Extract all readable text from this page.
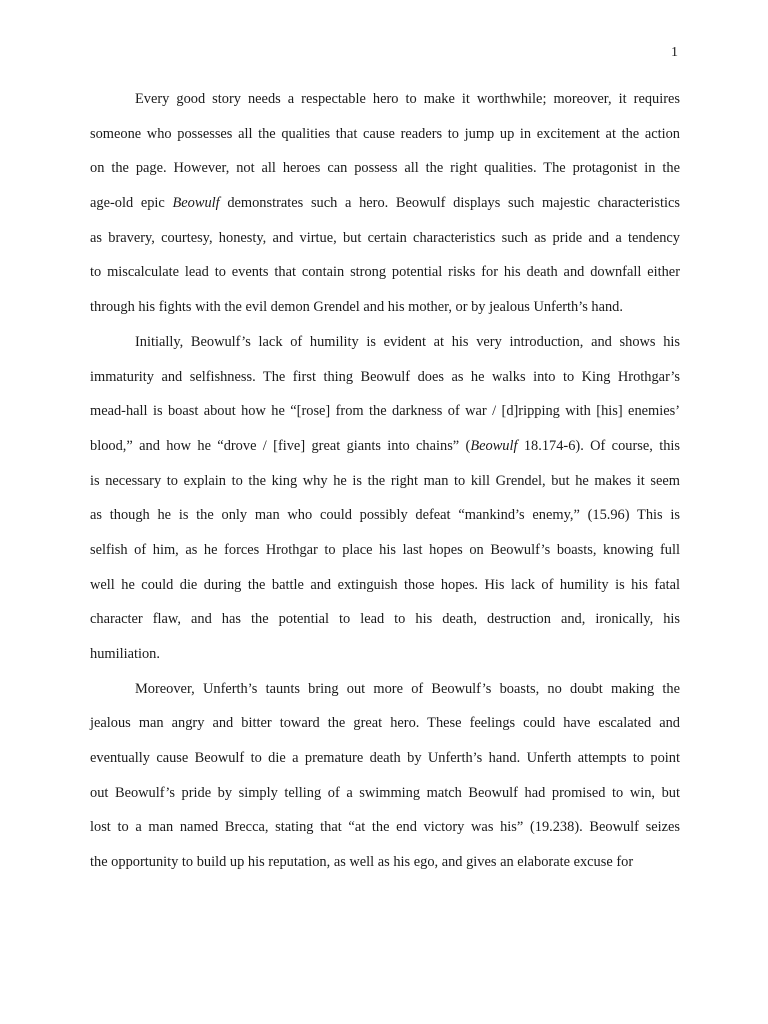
1
Every good story needs a respectable hero to make it worthwhile; moreover, it requires
someone who possesses all the qualities that cause readers to jump up in excitement at the action
on the page. However, not all heroes can possess all the right qualities. The protagonist in the
age-old epic Beowulf demonstrates such a hero. Beowulf displays such majestic characteristics
as bravery, courtesy, honesty, and virtue, but certain characteristics such as pride and a tendency
to miscalculate lead to events that contain strong potential risks for his death and downfall either
through his fights with the evil demon Grendel and his mother, or by jealous Unferth’s hand.
Initially, Beowulf’s lack of humility is evident at his very introduction, and shows his
immaturity and selfishness. The first thing Beowulf does as he walks into to King Hrothgar’s
mead-hall is boast about how he “[rose] from the darkness of war / [d]ripping with [his] enemies’
blood,” and how he “drove / [five] great giants into chains” (Beowulf 18.174-6). Of course, this
is necessary to explain to the king why he is the right man to kill Grendel, but he makes it seem
as though he is the only man who could possibly defeat “mankind’s enemy,” (15.96) This is
selfish of him, as he forces Hrothgar to place his last hopes on Beowulf’s boasts, knowing full
well he could die during the battle and extinguish those hopes. His lack of humility is his fatal
character flaw, and has the potential to lead to his death, destruction and, ironically, his
humiliation.
Moreover, Unferth’s taunts bring out more of Beowulf’s boasts, no doubt making the
jealous man angry and bitter toward the great hero. These feelings could have escalated and
eventually cause Beowulf to die a premature death by Unferth’s hand. Unferth attempts to point
out Beowulf’s pride by simply telling of a swimming match Beowulf had promised to win, but
lost to a man named Brecca, stating that “at the end victory was his” (19.238). Beowulf seizes
the opportunity to build up his reputation, as well as his ego, and gives an elaborate excuse for
